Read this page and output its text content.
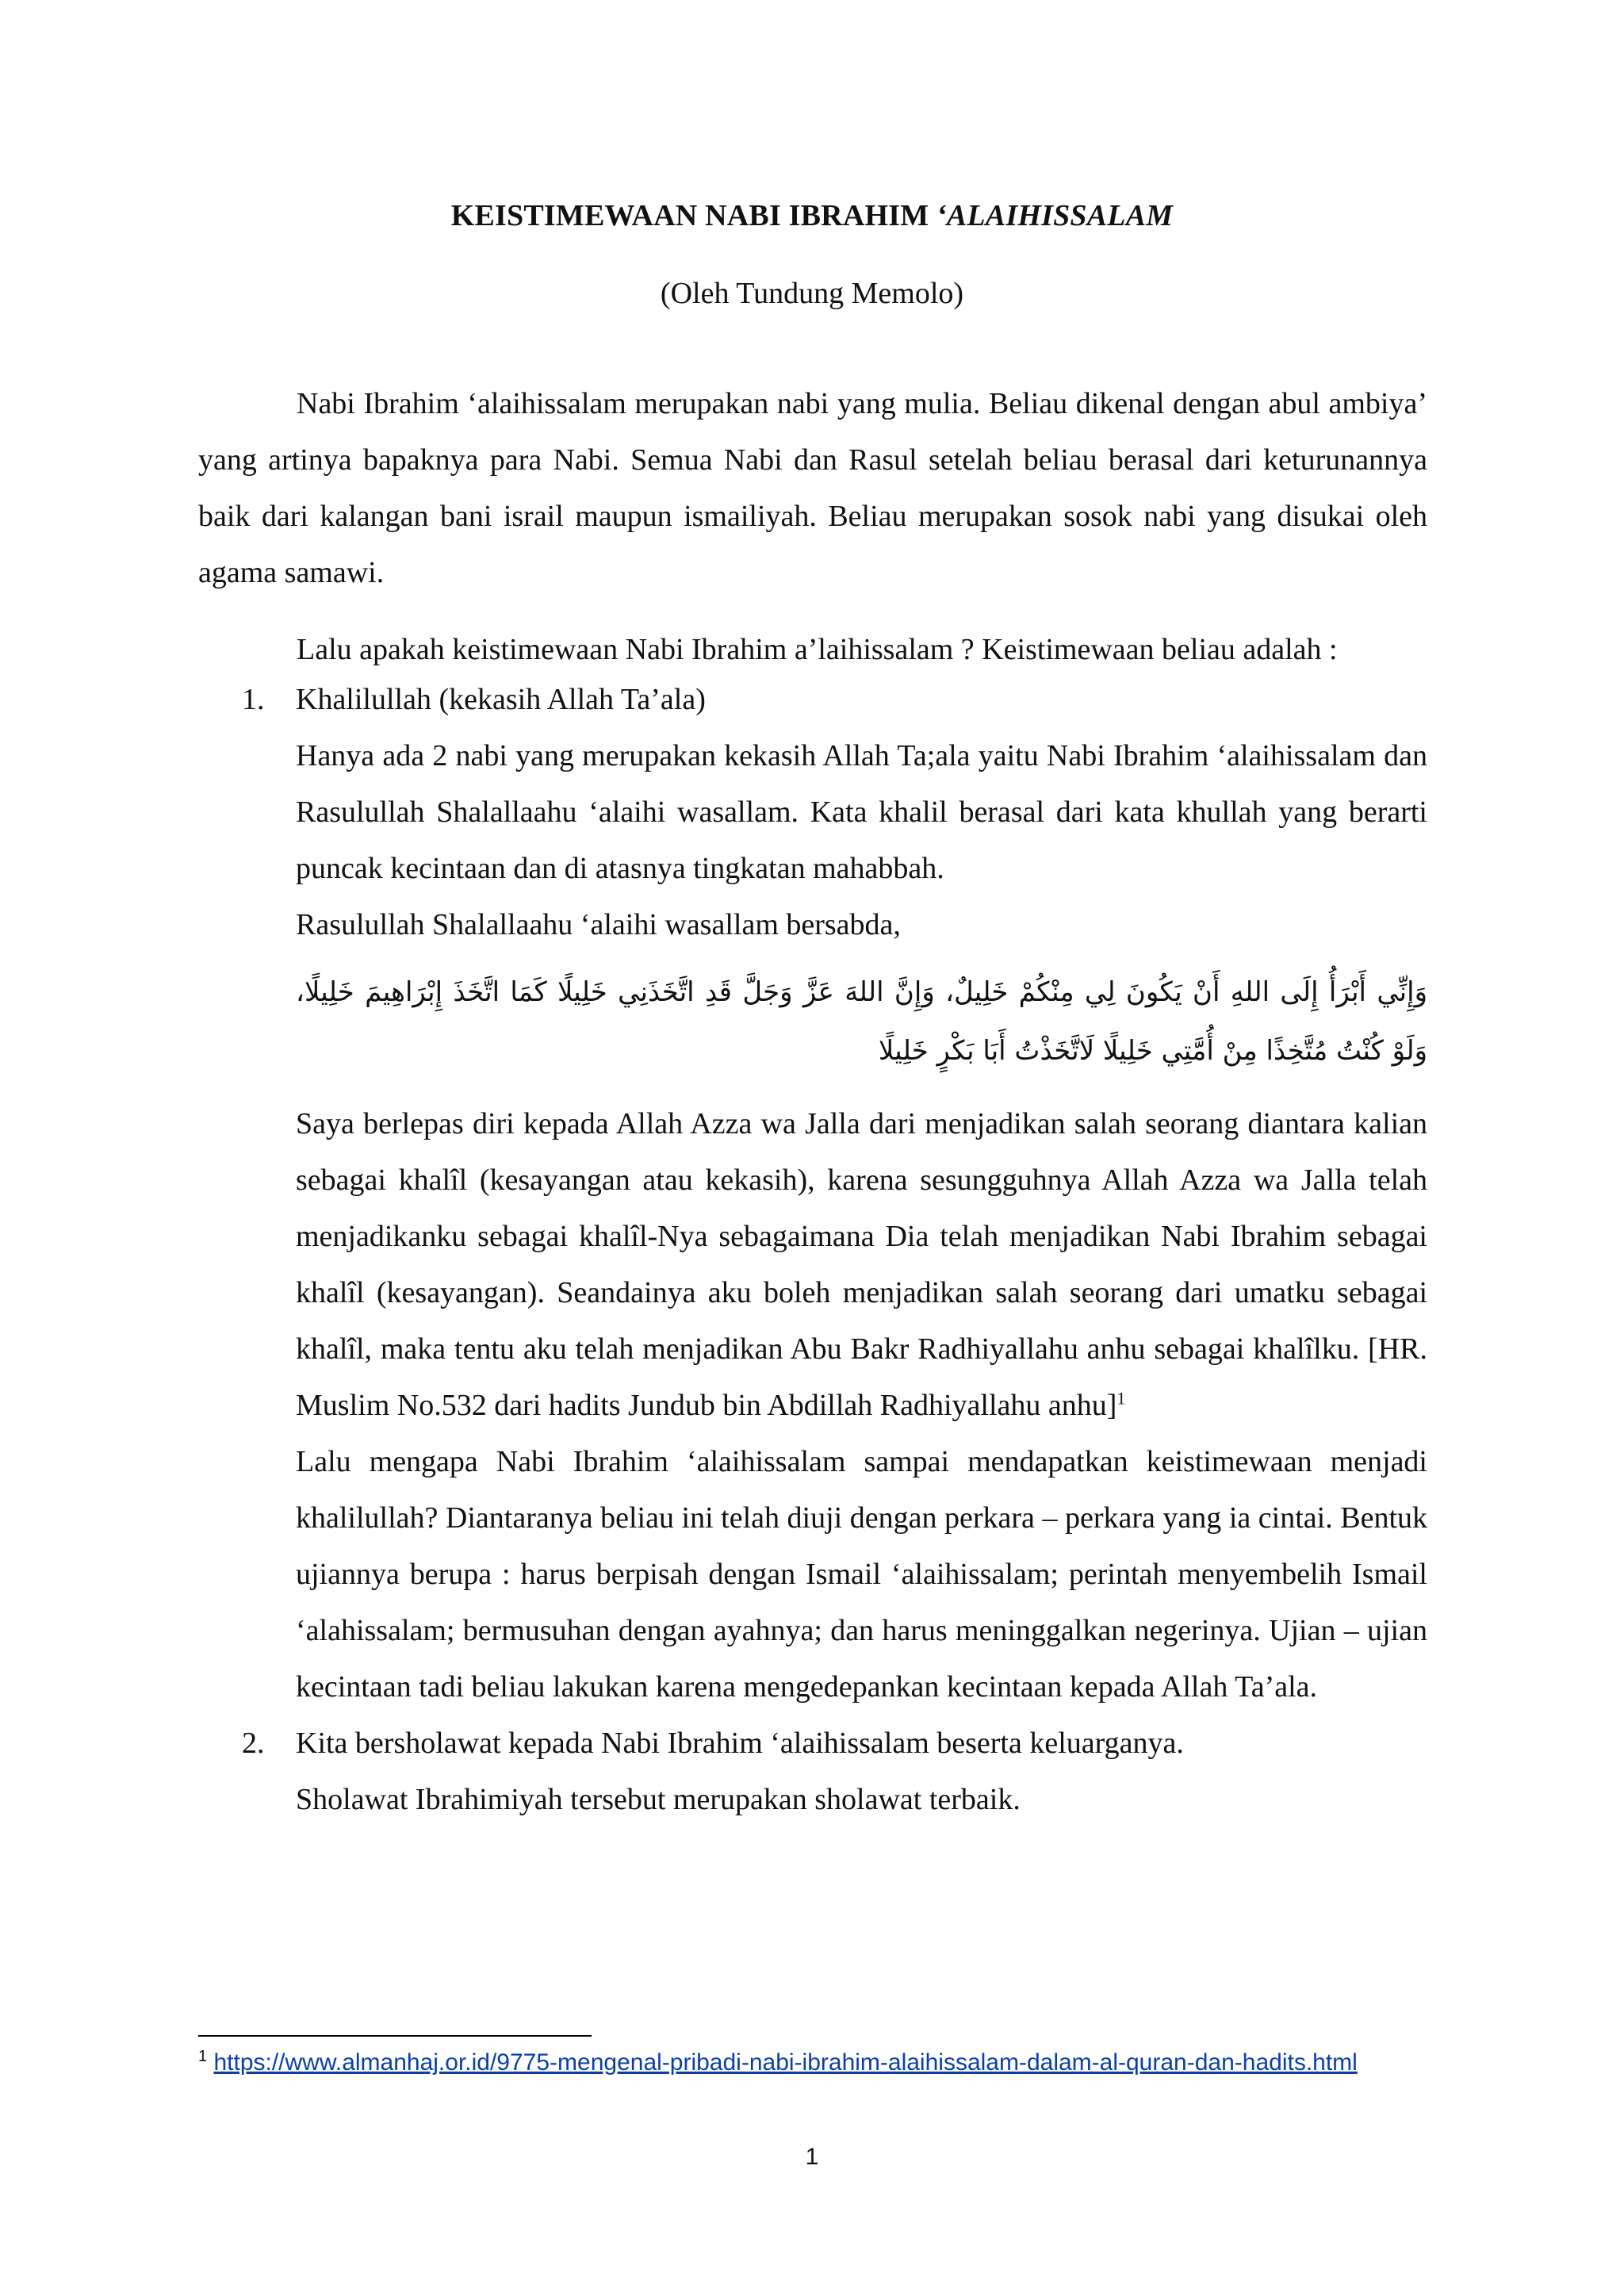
KEISTIMEWAAN NABI IBRAHIM ‘ALAIHISSALAM
(Oleh Tundung Memolo)

Nabi Ibrahim ‘alaihissalam merupakan nabi yang mulia. Beliau dikenal dengan abul ambiya’ yang artinya bapaknya para Nabi. Semua Nabi dan Rasul setelah beliau berasal dari keturunannya baik dari kalangan bani israil maupun ismailiyah. Beliau merupakan sosok nabi yang disukai oleh agama samawi.

Lalu apakah keistimewaan Nabi Ibrahim a’laihissalam ? Keistimewaan beliau adalah :

1. Khalilullah (kekasih Allah Ta’ala)

Hanya ada 2 nabi yang merupakan kekasih Allah Ta;ala yaitu Nabi Ibrahim ‘alaihissalam dan Rasulullah Shalallaahu ‘alaihi wasallam. Kata khalil berasal dari kata khullah yang berarti puncak kecintaan dan di atasnya tingkatan mahabbah.

Rasulullah Shalallaahu ‘alaihi wasallam bersabda,

وَإِنِّي أَبْرَأُ إِلَى اللهِ أَنْ يَكُونَ لِي مِنْكُمْ خَلِيلٌ، وَإِنَّ اللهَ عَزَّ وَجَلَّ قَدِ اتَّخَذَنِي خَلِيلًا كَمَا اتَّخَذَ إِبْرَاهِيمَ خَلِيلًا، وَلَوْ كُنْتُ مُتَّخِذًا مِنْ أُمَّتِي خَلِيلًا لَاتَّخَذْتُ أَبَا بَكْرٍ خَلِيلًا

Saya berlepas diri kepada Allah Azza wa Jalla dari menjadikan salah seorang diantara kalian sebagai khalîl (kesayangan atau kekasih), karena sesungguhnya Allah Azza wa Jalla telah menjadikanku sebagai khalîl-Nya sebagaimana Dia telah menjadikan Nabi Ibrahim sebagai khalîl (kesayangan). Seandainya aku boleh menjadikan salah seorang dari umatku sebagai khalîl, maka tentu aku telah menjadikan Abu Bakr Radhiyallahu anhu sebagai khalîlku. [HR. Muslim No.532 dari hadits Jundub bin Abdillah Radhiyallahu anhu]$^1$

Lalu mengapa Nabi Ibrahim ‘alaihissalam sampai mendapatkan keistimewaan menjadi khalilullah? Diantaranya beliau ini telah diuji dengan perkara – perkara yang ia cintai. Bentuk ujiannya berupa : harus berpisah dengan Ismail ‘alaihissalam; perintah menyembelih Ismail ‘alahissalam; bermusuhan dengan ayahnya; dan harus meninggalkan negerinya. Ujian – ujian kecintaan tadi beliau lakukan karena mengedepankan kecintaan kepada Allah Ta’ala.

2. Kita bersholawat kepada Nabi Ibrahim ‘alaihissalam beserta keluarganya.

Sholawat Ibrahimiyah tersebut merupakan sholawat terbaik.

$^1$ https://www.almanhaj.or.id/9775-mengenal-pribadi-nabi-ibrahim-alaihissalam-dalam-al-quran-dan-hadits.html
1
